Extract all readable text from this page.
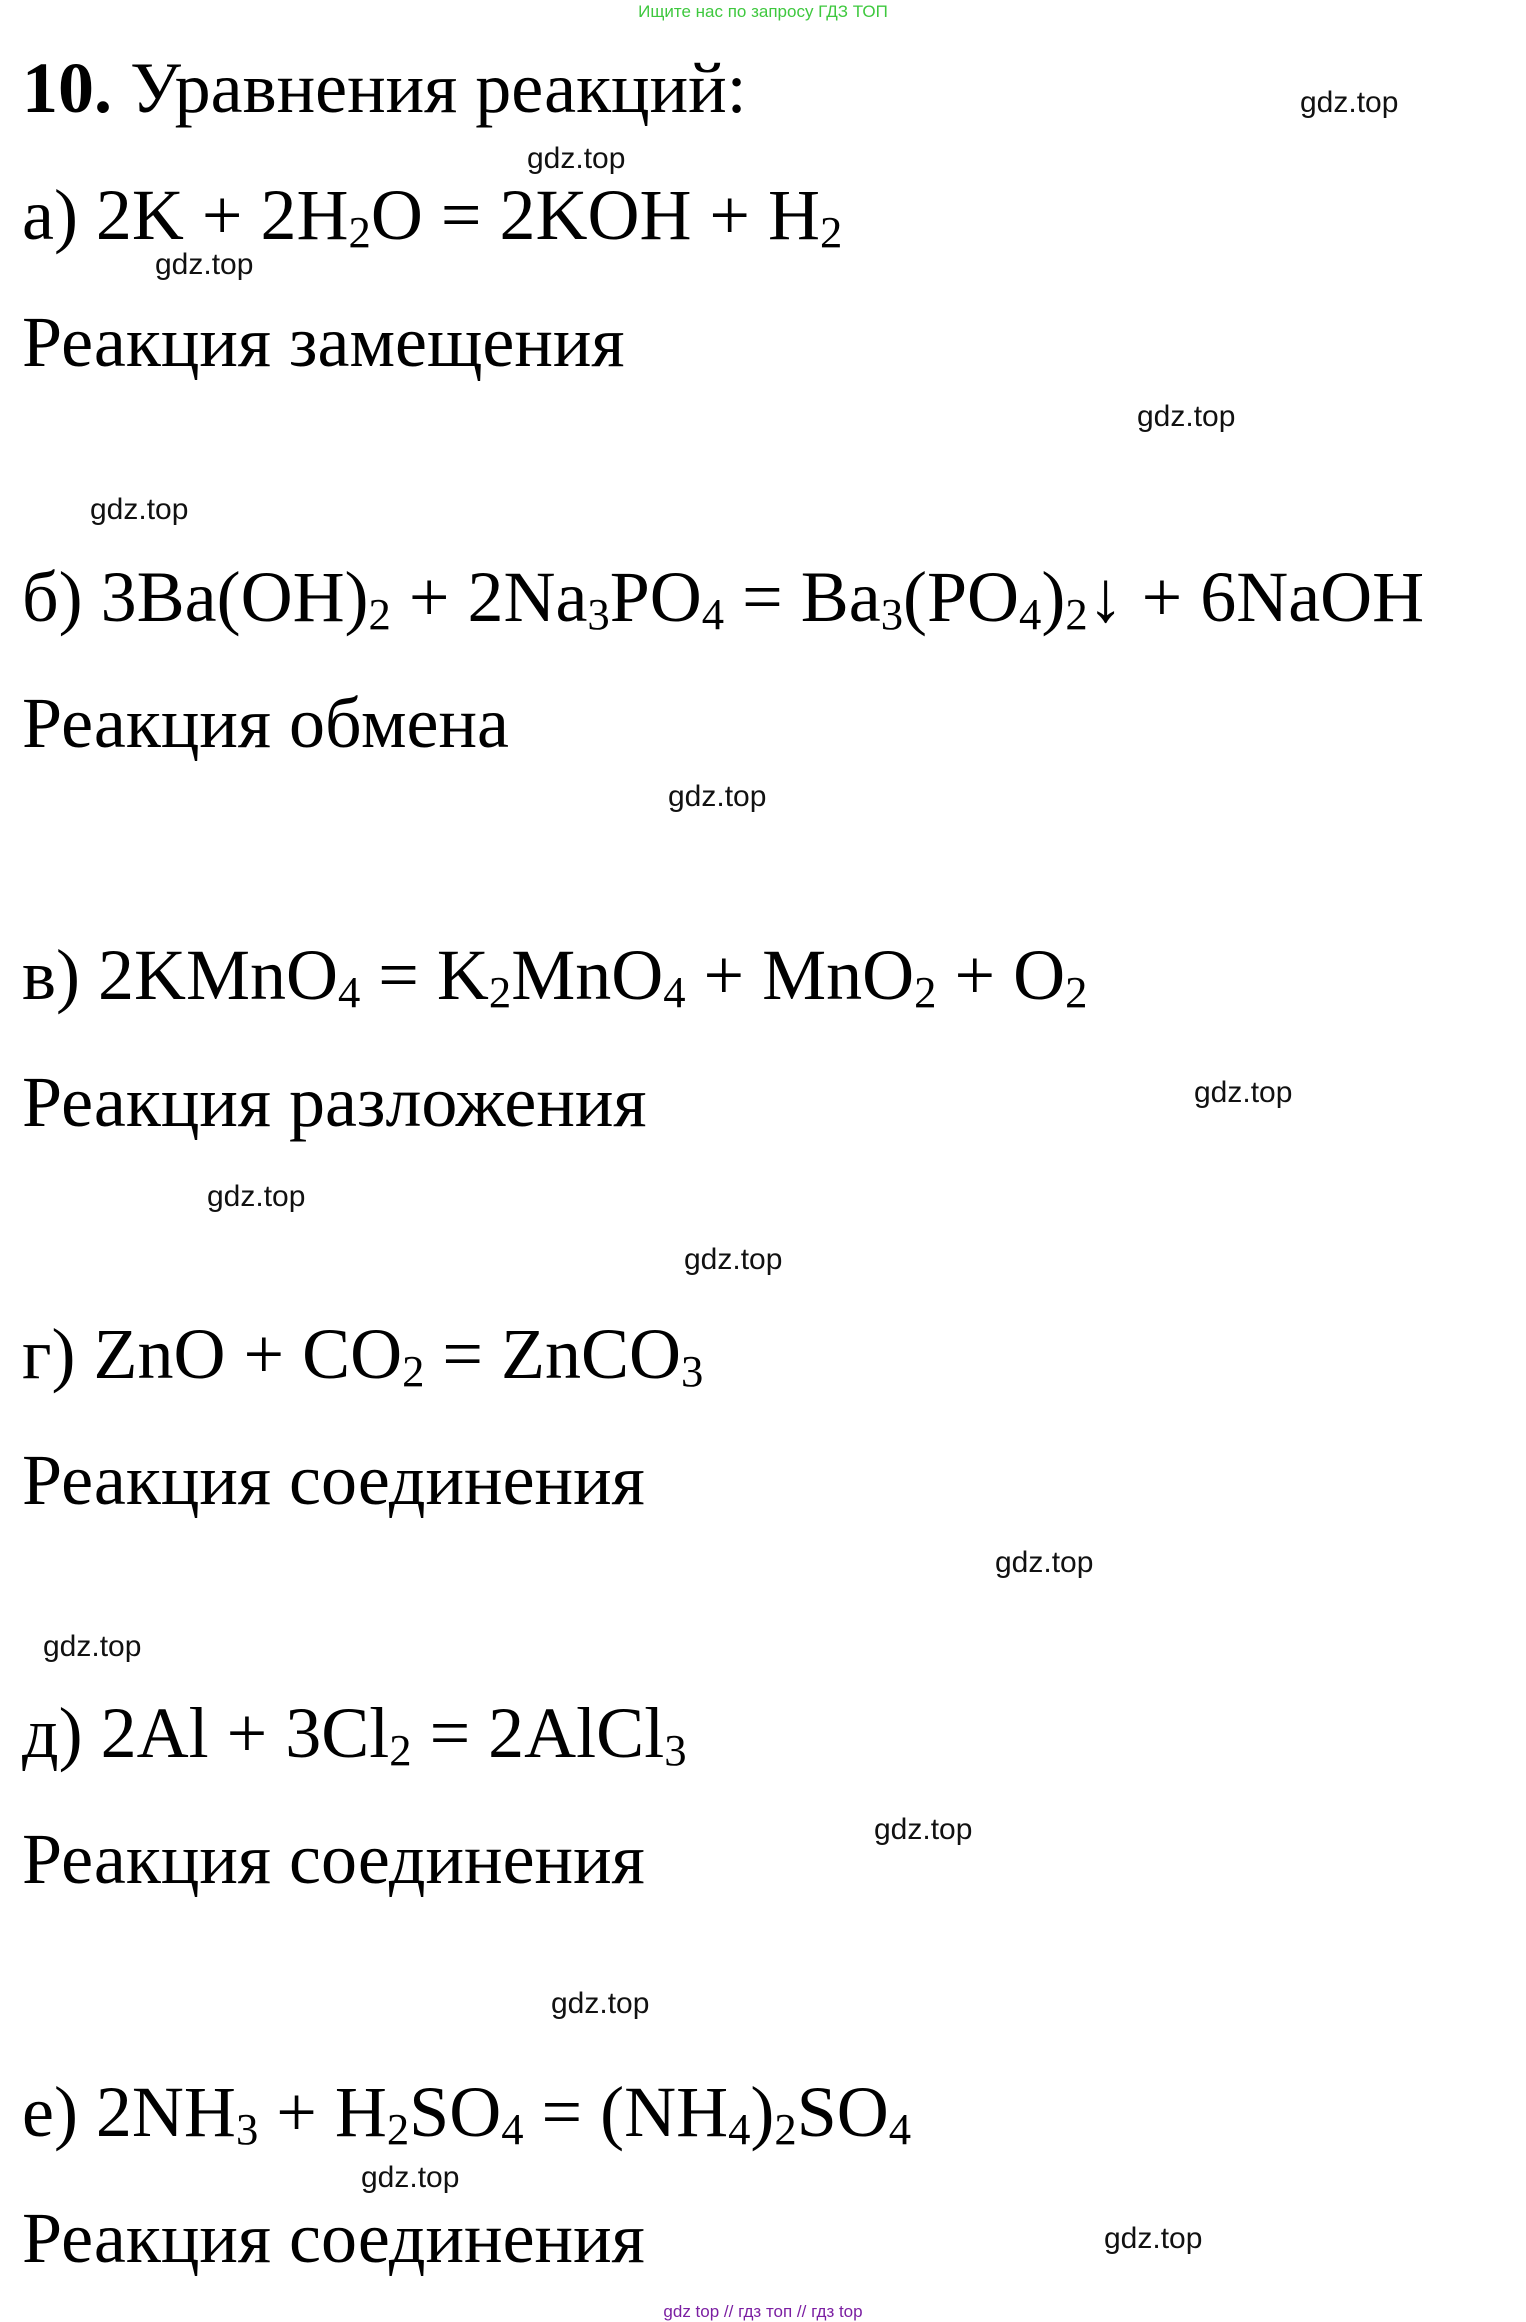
Ищите нас по запросу ГДЗ ТОП
10. Уравнения реакций:
а) $2K + 2H_2O = 2KOH + H_2$
Реакция замещения
б) $3Ba(OH)_2 + 2Na_3PO_4$ = $Ba_3(PO_4)_2↓$ + 6NaOH
Реакция обмена
в) 2KMnO$_4$ = $K_2MnO_4 + MnO_2 + O_2$
Реакция разложения
г) ZnO + $CO_2$ = ZnCO$_3$
Реакция соединения
д) $2Al + 3Cl_2$ = 2AlCl$_3$
Реакция соединения
е) $2NH_3 + H_2SO_4 = (NH_4)_2SO_4$
Реакция соединения
gdz.top
gdz.top
gdz.top
gdz.top
gdz.top
gdz.top
gdz.top
gdz.top
gdz.top
gdz.top
gdz.top
gdz.top
gdz.top
gdz.top
gdz.top
gdz top // гдз топ // гдз top
